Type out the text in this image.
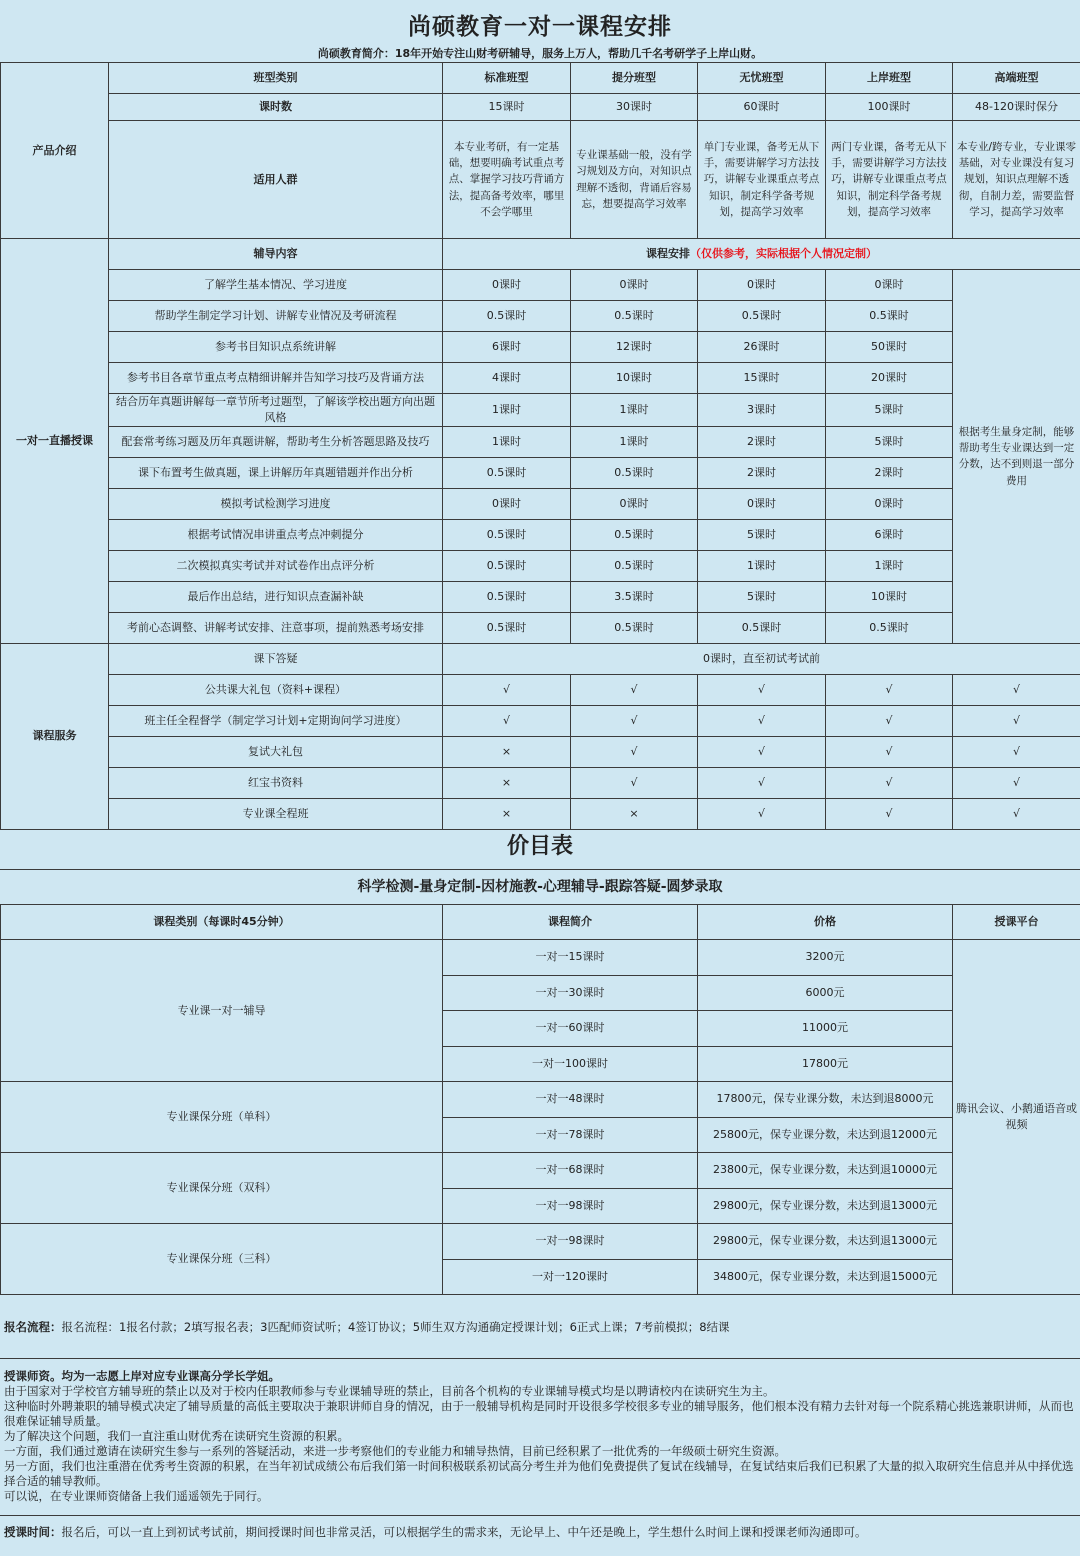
尚硕教育一对一课程安排

尚硕教育简介：18年开始专注山财考研辅导，服务上万人，帮助几千名考研学子上岸山财。

产品介绍	班型类别	标准班型	提分班型	无忧班型	上岸班型	高端班型
	课时数	15课时	30课时	60课时	100课时	48-120课时保分
	适用人群	本专业考研，有一定基础，想要明确考试重点考点、掌握学习技巧背诵方法，提高备考效率，哪里不会学哪里	专业课基础一般，没有学习规划及方向，对知识点理解不透彻，背诵后容易忘，想要提高学习效率	单门专业课，备考无从下手，需要讲解学习方法技巧，讲解专业课重点考点知识，制定科学备考规划，提高学习效率	两门专业课，备考无从下手，需要讲解学习方法技巧，讲解专业课重点考点知识，制定科学备考规划，提高学习效率	本专业/跨专业，专业课零基础，对专业课没有复习规划，知识点理解不透彻，自制力差，需要监督学习，提高学习效率
一对一直播授课	辅导内容	课程安排（仅供参考，实际根据个人情况定制）				
	了解学生基本情况、学习进度	0课时	0课时	0课时	0课时	根据考生量身定制，能够帮助考生专业课达到一定分数，达不到则退一部分费用
	帮助学生制定学习计划、讲解专业情况及考研流程	0.5课时	0.5课时	0.5课时	0.5课时	
	参考书目知识点系统讲解	6课时	12课时	26课时	50课时	
	参考书目各章节重点考点精细讲解并告知学习技巧及背诵方法	4课时	10课时	15课时	20课时	
	结合历年真题讲解每一章节所考过题型，了解该学校出题方向出题风格	1课时	1课时	3课时	5课时	
	配套常考练习题及历年真题讲解，帮助考生分析答题思路及技巧	1课时	1课时	2课时	5课时	
	课下布置考生做真题，课上讲解历年真题错题并作出分析	0.5课时	0.5课时	2课时	2课时	
	模拟考试检测学习进度	0课时	0课时	0课时	0课时	
	根据考试情况串讲重点考点冲刺提分	0.5课时	0.5课时	5课时	6课时	
	二次模拟真实考试并对试卷作出点评分析	0.5课时	0.5课时	1课时	1课时	
	最后作出总结，进行知识点查漏补缺	0.5课时	3.5课时	5课时	10课时	
	考前心态调整、讲解考试安排、注意事项，提前熟悉考场安排	0.5课时	0.5课时	0.5课时	0.5课时	
课程服务	课下答疑	0课时，直至初试考试前				
	公共课大礼包（资料+课程）	√	√	√	√	√
	班主任全程督学（制定学习计划+定期询问学习进度）	√	√	√	√	√
	复试大礼包	×	√	√	√	√
	红宝书资料	×	√	√	√	√
	专业课全程班	×	×	√	√	√
价目表
科学检测-量身定制-因材施教-心理辅导-跟踪答疑-圆梦录取
课程类别（每课时45分钟）	课程简介	价格	授课平台
专业课一对一辅导	一对一15课时	3200元	腾讯会议、小鹅通语音或视频
	一对一30课时	6000元	
	一对一60课时	11000元	
	一对一100课时	17800元	
专业课保分班（单科）	一对一48课时	17800元，保专业课分数，未达到退8000元	
	一对一78课时	25800元，保专业课分数，未达到退12000元	
专业课保分班（双科）	一对一68课时	23800元，保专业课分数，未达到退10000元	
	一对一98课时	29800元，保专业课分数，未达到退13000元	
专业课保分班（三科）	一对一98课时	29800元，保专业课分数，未达到退13000元	
	一对一120课时	34800元，保专业课分数，未达到退15000元	
报名流程：报名流程：1报名付款；2填写报名表；3匹配师资试听；4签订协议；5师生双方沟通确定授课计划；6正式上课；7考前模拟；8结课
授课师资。均为一志愿上岸对应专业课高分学长学姐。
由于国家对于学校官方辅导班的禁止以及对于校内任职教师参与专业课辅导班的禁止，目前各个机构的专业课辅导模式均是以聘请校内在读研究生为主。
这种临时外聘兼职的辅导模式决定了辅导质量的高低主要取决于兼职讲师自身的情况，由于一般辅导机构是同时开设很多学校很多专业的辅导服务，他们根本没有精力去针对每一个院系精心挑选兼职讲师，从而也很难保证辅导质量。
为了解决这个问题，我们一直注重山财优秀在读研究生资源的积累。
一方面，我们通过邀请在读研究生参与一系列的答疑活动，来进一步考察他们的专业能力和辅导热情，目前已经积累了一批优秀的一年级硕士研究生资源。
另一方面，我们也注重潜在优秀考生资源的积累，在当年初试成绩公布后我们第一时间积极联系初试高分考生并为他们免费提供了复试在线辅导，在复试结束后我们已积累了大量的拟入取研究生信息并从中择优选择合适的辅导教师。
可以说，在专业课师资储备上我们遥遥领先于同行。
授课时间：报名后，可以一直上到初试考试前，期间授课时间也非常灵活，可以根据学生的需求来，无论早上、中午还是晚上，学生想什么时间上课和授课老师沟通即可。
